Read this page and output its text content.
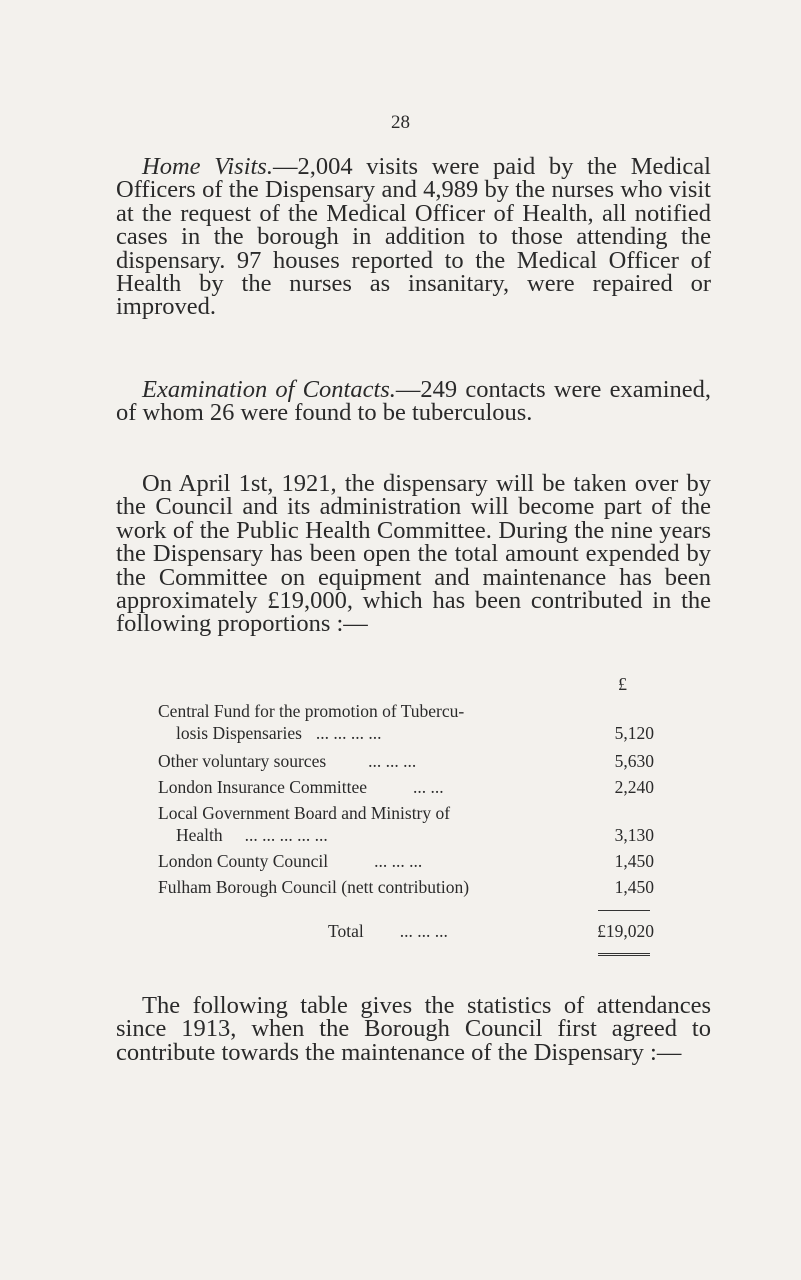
28

Home Visits.—2,004 visits were paid by the Medical Officers of the Dispensary and 4,989 by the nurses who visit at the request of the Medical Officer of Health, all notified cases in the borough in addition to those attending the dispensary. 97 houses reported to the Medical Officer of Health by the nurses as insanitary, were repaired or improved.

Examination of Contacts.—249 contacts were examined, of whom 26 were found to be tuberculous.

On April 1st, 1921, the dispensary will be taken over by the Council and its administration will become part of the work of the Public Health Committee. During the nine years the Dispensary has been open the total amount expended by the Committee on equipment and maintenance has been approximately £19,000, which has been contributed in the following proportions :—

£
Central Fund for the promotion of Tubercu-
losis Dispensaries ... ... ... ...	5,120
Other voluntary sources ... ... ...	5,630
London Insurance Committee	... ...	2,240
Local Government Board and Ministry of
Health ... ... ... ... ...	3,130
London County Council	... ... ...	1,450
Fulham Borough Council (nett contribution)	1,450
Total ... ... ...	£19,020

The following table gives the statistics of attendances since 1913, when the Borough Council first agreed to contribute towards the maintenance of the Dispensary :—
